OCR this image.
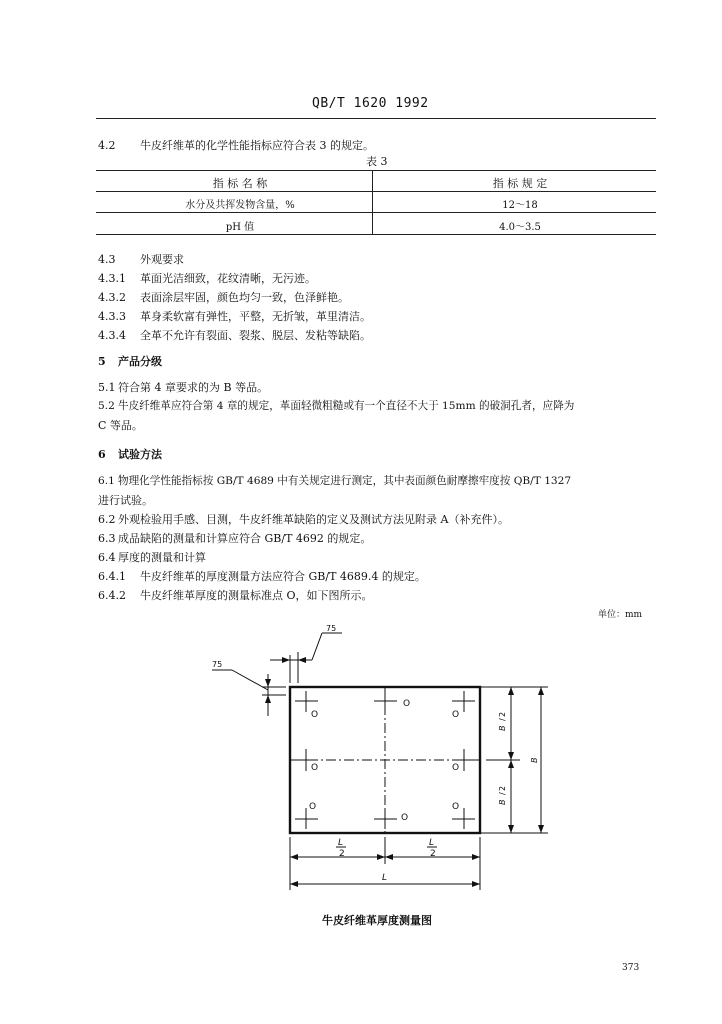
QB/T 1620 1992
4.2 牛皮纤维革的化学性能指标应符合表 3 的规定。
表 3
指 标 名 称	指 标 规 定
水分及共挥发物含量，%	12～18
pH 值	4.0～3.5
4.3 外观要求
4.3.1 革面光洁细致，花纹清晰，无污迹。
4.3.2 表面涂层牢固，颜色均匀一致，色泽鲜艳。
4.3.3 革身柔软富有弹性，平整，无折皱，革里清洁。
4.3.4 全革不允许有裂面、裂浆、脱层、发粘等缺陷。
5 产品分级
5.1 符合第 4 章要求的为 B 等品。
5.2 牛皮纤维革应符合第 4 章的规定，革面轻微粗糙或有一个直径不大于 15mm 的破洞孔者，应降为
C 等品。
6 试验方法
6.1 物理化学性能指标按 GB/T 4689 中有关规定进行测定，其中表面颜色耐摩擦牢度按 QB/T 1327
进行试验。
6.2 外观检验用手感、目测，牛皮纤维革缺陷的定义及测试方法见附录 A（补充件）。
6.3 成品缺陷的测量和计算应符合 GB/T 4692 的规定。
6.4 厚度的测量和计算
6.4.1 牛皮纤维革的厚度测量方法应符合 GB/T 4689.4 的规定。
6.4.2 牛皮纤维革厚度的测量标准点 O，如下图所示。
单位：mm
75
75
O
O
O
O	O
O
O
O
L
2
L
2
L
B
/
2
B
/
2
B
牛皮纤维革厚度测量图
373
